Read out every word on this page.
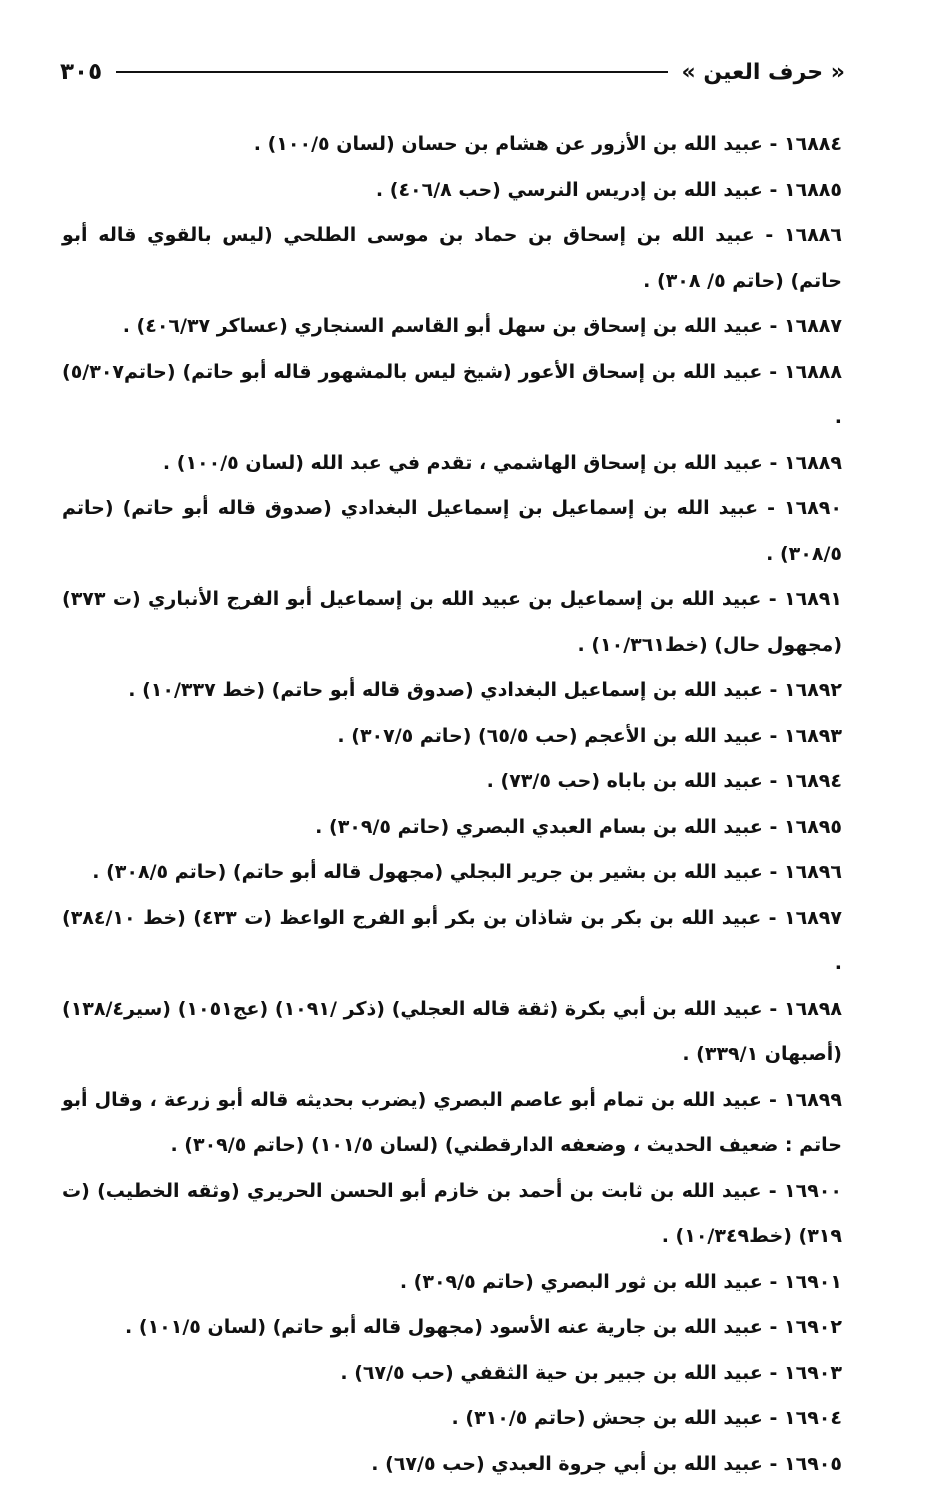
« حرف العين »
٣٠٥

١٦٨٨٤ - عبيد الله بن الأزور عن هشام بن حسان (لسان ١٠٠/٥) .

١٦٨٨٥ - عبيد الله بن إدريس النرسي (حب ٤٠٦/٨) .

١٦٨٨٦ - عبيد الله بن إسحاق بن حماد بن موسى الطلحي (ليس بالقوي قاله أبو حاتم) (حاتم ٥/ ٣٠٨) .

١٦٨٨٧ - عبيد الله بن إسحاق بن سهل أبو القاسم السنجاري (عساكر ٤٠٦/٣٧) .

١٦٨٨٨ - عبيد الله بن إسحاق الأعور (شيخ ليس بالمشهور قاله أبو حاتم) (حاتم٥/٣٠٧) .

١٦٨٨٩ - عبيد الله بن إسحاق الهاشمي ، تقدم في عبد الله (لسان ١٠٠/٥) .

١٦٨٩٠ - عبيد الله بن إسماعيل بن إسماعيل البغدادي (صدوق قاله أبو حاتم) (حاتم ٣٠٨/٥) .

١٦٨٩١ - عبيد الله بن إسماعيل بن عبيد الله بن إسماعيل أبو الفرج الأنباري (ت ٣٧٣) (مجهول حال) (خط١٠/٣٦١) .

١٦٨٩٢ - عبيد الله بن إسماعيل البغدادي (صدوق قاله أبو حاتم) (خط ١٠/٣٣٧) .

١٦٨٩٣ - عبيد الله بن الأعجم (حب ٦٥/٥) (حاتم ٣٠٧/٥) .

١٦٨٩٤ - عبيد الله بن باباه (حب ٧٣/٥) .

١٦٨٩٥ - عبيد الله بن بسام العبدي البصري (حاتم ٣٠٩/٥) .

١٦٨٩٦ - عبيد الله بن بشير بن جرير البجلي (مجهول قاله أبو حاتم) (حاتم ٣٠٨/٥) .

١٦٨٩٧ - عبيد الله بن بكر بن شاذان بن بكر أبو الفرج الواعظ (ت ٤٣٣) (خط ٣٨٤/١٠) .

١٦٨٩٨ - عبيد الله بن أبي بكرة (ثقة قاله العجلي) (ذكر /١٠٩١) (عج١٠٥١) (سير١٣٨/٤) (أصبهان ٣٣٩/١) .

١٦٨٩٩ - عبيد الله بن تمام أبو عاصم البصري (يضرب بحديثه قاله أبو زرعة ، وقال أبو حاتم : ضعيف الحديث ، وضعفه الدارقطني) (لسان ١٠١/٥) (حاتم ٣٠٩/٥) .

١٦٩٠٠ - عبيد الله بن ثابت بن أحمد بن خازم أبو الحسن الحريري (وثقه الخطيب) (ت ٣١٩) (خط١٠/٣٤٩) .

١٦٩٠١ - عبيد الله بن ثور البصري (حاتم ٣٠٩/٥) .

١٦٩٠٢ - عبيد الله بن جارية عنه الأسود (مجهول قاله أبو حاتم) (لسان ١٠١/٥) .

١٦٩٠٣ - عبيد الله بن جبير بن حية الثقفي (حب ٦٧/٥) .

١٦٩٠٤ - عبيد الله بن جحش (حاتم ٣١٠/٥) .

١٦٩٠٥ - عبيد الله بن أبي جروة العبدي (حب ٦٧/٥) .
